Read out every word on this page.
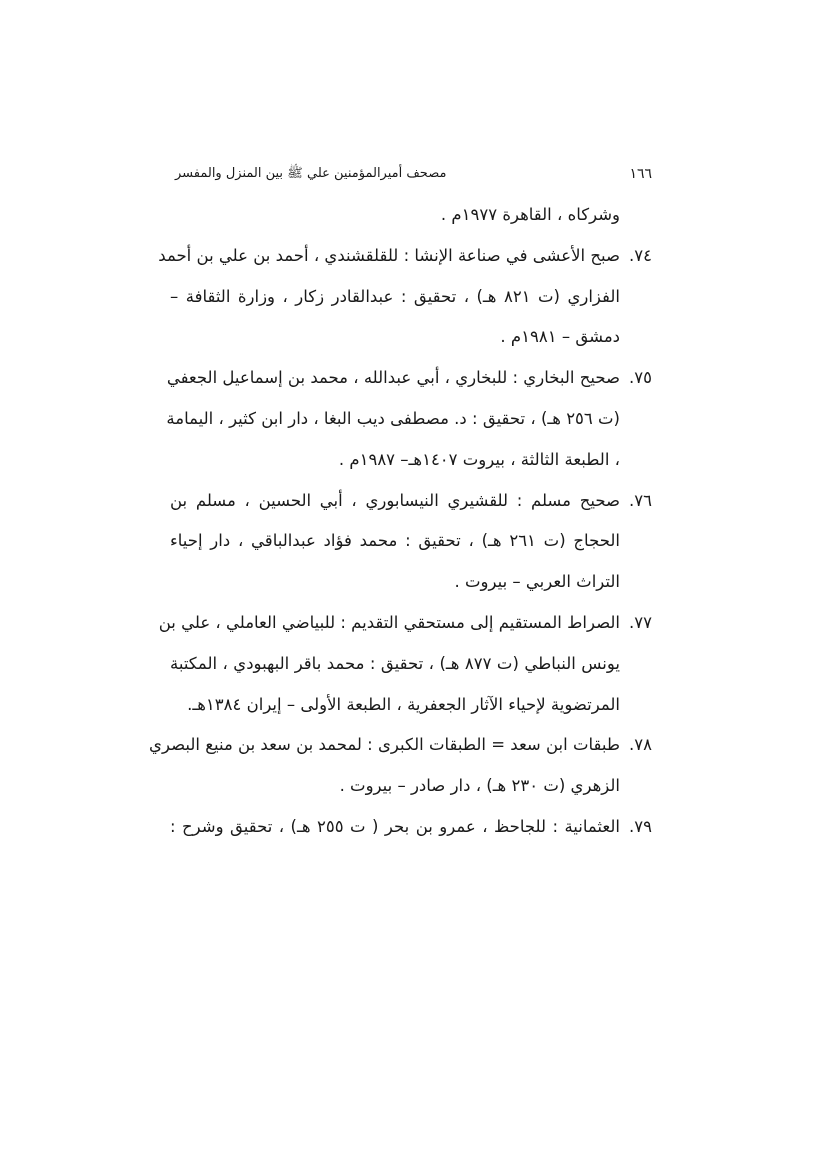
١٦٦
مصحف أميرالمؤمنين علي ﷺ بين المنزل والمفسر
وشركاه ، القاهرة ١٩٧٧م .
٧٤.
صبح الأعشى في صناعة الإنشا : للقلقشندي ، أحمد بن علي بن أحمد
الفزاري (ت ٨٢١ هـ) ، تحقيق : عبدالقادر زكار ، وزارة الثقافة –
دمشق – ١٩٨١م .
٧٥.
صحيح البخاري : للبخاري ، أبي عبدالله ، محمد بن إسماعيل الجعفي
(ت ٢٥٦ هـ) ، تحقيق : د. مصطفى ديب البغا ، دار ابن كثير ، اليمامة
، الطبعة الثالثة ، بيروت ١٤٠٧هـ– ١٩٨٧م .
٧٦.
صحيح مسلم : للقشيري النيسابوري ، أبي الحسين ، مسلم بن
الحجاج (ت ٢٦١ هـ) ، تحقيق : محمد فؤاد عبدالباقي ، دار إحياء
التراث العربي – بيروت .
٧٧.
الصراط المستقيم إلى مستحقي التقديم : للبياضي العاملي ، علي بن
يونس النباطي (ت ٨٧٧ هـ) ، تحقيق : محمد باقر البهبودي ، المكتبة
المرتضوية لإحياء الآثار الجعفرية ، الطبعة الأولى – إيران ١٣٨٤هـ.
٧٨.
طبقات ابن سعد = الطبقات الكبرى : لمحمد بن سعد بن منيع البصري
الزهري (ت ٢٣٠ هـ) ، دار صادر – بيروت .
٧٩.
العثمانية : للجاحظ ، عمرو بن بحر ( ت ٢٥٥ هـ) ، تحقيق وشرح :
